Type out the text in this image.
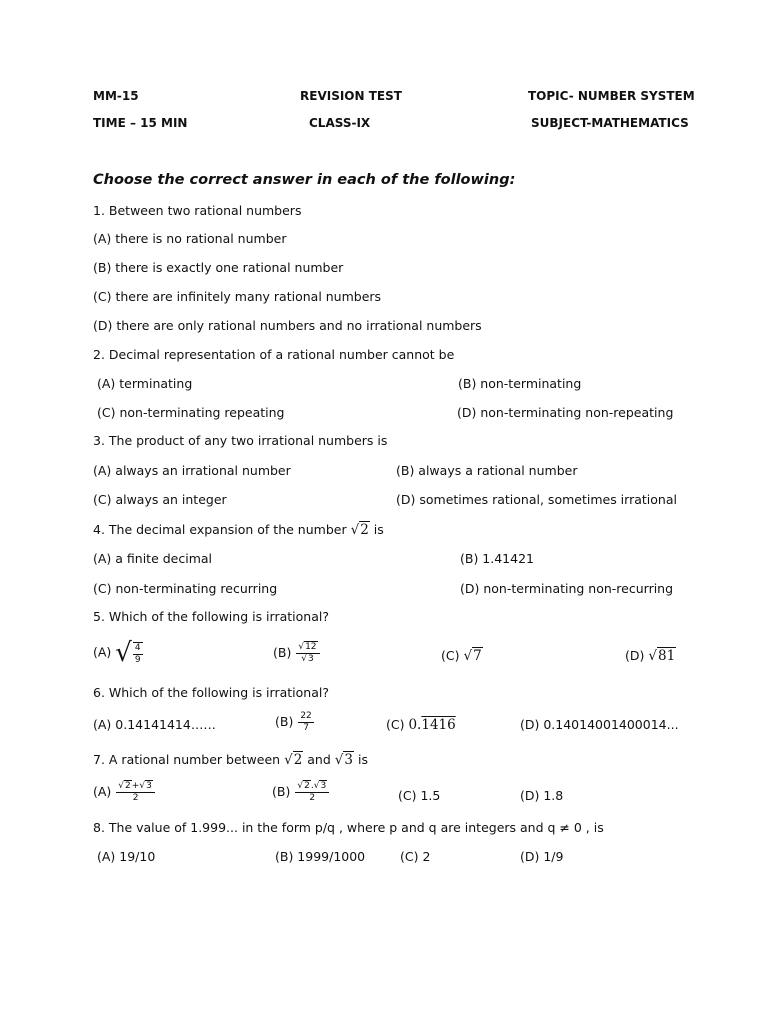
MM-15	REVISION TEST	TOPIC- NUMBER SYSTEM
TIME – 15 MIN	CLASS-IX	SUBJECT-MATHEMATICS
Choose the correct answer in each of the following:
1. Between two rational numbers
(A) there is no rational number
(B) there is exactly one rational number
(C) there are infinitely many rational numbers
(D) there are only rational numbers and no irrational numbers
2. Decimal representation of a rational number cannot be
(A) terminating	(B) non-terminating
(C) non-terminating repeating	(D) non-terminating non-repeating
3. The product of any two irrational numbers is
(A) always an irrational number	(B) always a rational number
(C) always an integer	(D) sometimes rational, sometimes irrational
4. The decimal expansion of the number √2 is
(A) a finite decimal	(B) 1.41421
(C) non-terminating recurring	(D) non-terminating non-recurring
5. Which of the following is irrational?
(A) √ $\frac{4}{9}$	$(B) \frac{√12}{√3}$	(C) √7	(D) √81
6. Which of the following is irrational?
(A) 0.14141414……	$(B) \frac{22}{7}$	(C) 0.1416	(D) 0.14014001400014...
7. A rational number between √2 and √3 is
$(A) \frac{√2+√3}{2}$	$(B) \frac{√2.√3}{2}$	(C) 1.5	(D) 1.8
8. The value of 1.999... in the form p/q , where p and q are integers and q ≠ 0 , is
(A) 19/10	(B) 1999/1000	(C) 2	(D) 1/9
